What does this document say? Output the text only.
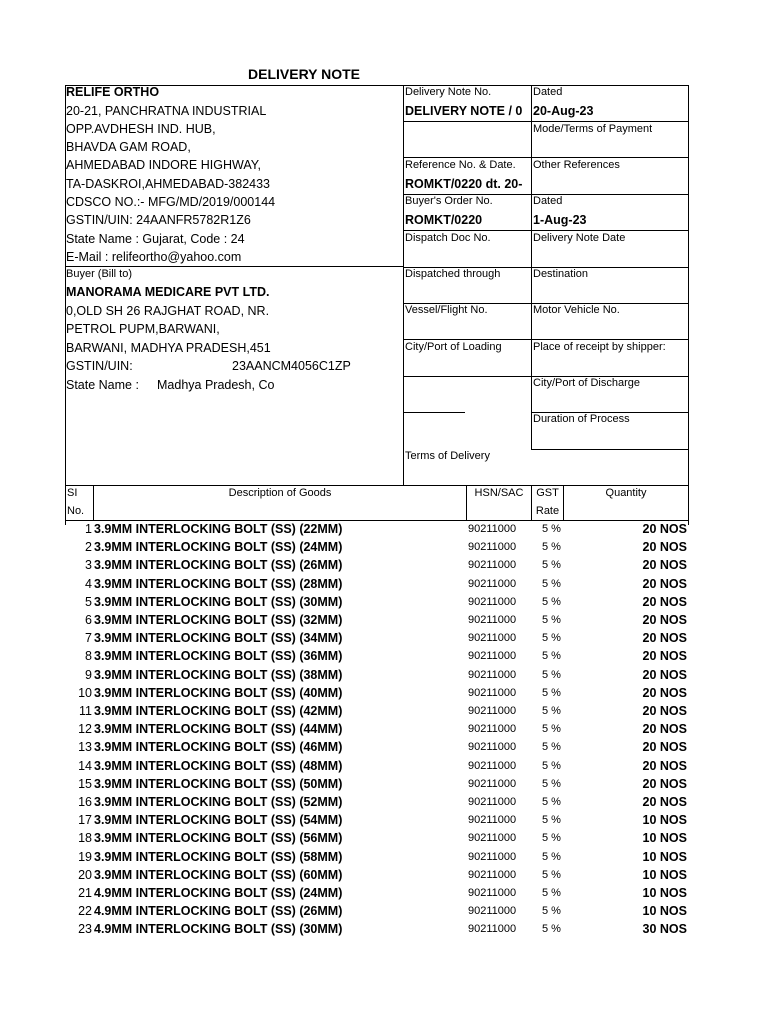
DELIVERY NOTE
RELIFE ORTHO
20-21, PANCHRATNA INDUSTRIAL
OPP.AVDHESH IND. HUB,
BHAVDA GAM ROAD,
AHMEDABAD INDORE HIGHWAY,
TA-DASKROI,AHMEDABAD-382433
CDSCO NO.:- MFG/MD/2019/000144
GSTIN/UIN: 24AANFR5782R1Z6
State Name : Gujarat, Code : 24
E-Mail : relifeortho@yahoo.com
Buyer (Bill to)
MANORAMA MEDICARE PVT LTD.
0,OLD SH 26 RAJGHAT ROAD, NR.
PETROL PUPM,BARWANI,
BARWANI, MADHYA PRADESH,451
GSTIN/UIN:	23AANCM4056C1ZP
State Name : Madhya Pradesh, Co
Delivery Note No.
DELIVERY NOTE / 0
Dated
20-Aug-23
Mode/Terms of Payment
Reference No. & Date.
ROMKT/0220 dt. 20-
Other References
Buyer's Order No.
ROMKT/0220
Dated
1-Aug-23
Dispatch Doc No.	Delivery Note Date
Dispatched through	Destination
Vessel/Flight No.	Motor Vehicle No.
City/Port of Loading	Place of receipt by shipper:
City/Port of Discharge
Duration of Process
Terms of Delivery
SI
No.
Description of Goods	HSN/SAC	GST
Rate
Quantity
1 3.9MM INTERLOCKING BOLT (SS) (22MM)	90211000 5 %	20 NOS
2 3.9MM INTERLOCKING BOLT (SS) (24MM)	90211000 5 %	20 NOS
3 3.9MM INTERLOCKING BOLT (SS) (26MM)	90211000 5 %	20 NOS
4 3.9MM INTERLOCKING BOLT (SS) (28MM)	90211000 5 %	20 NOS
5 3.9MM INTERLOCKING BOLT (SS) (30MM)	90211000 5 %	20 NOS
6 3.9MM INTERLOCKING BOLT (SS) (32MM)	90211000 5 %	20 NOS
7 3.9MM INTERLOCKING BOLT (SS) (34MM)	90211000 5 %	20 NOS
8 3.9MM INTERLOCKING BOLT (SS) (36MM)	90211000 5 %	20 NOS
9 3.9MM INTERLOCKING BOLT (SS) (38MM)	90211000 5 %	20 NOS
10 3.9MM INTERLOCKING BOLT (SS) (40MM)	90211000 5 %	20 NOS
11 3.9MM INTERLOCKING BOLT (SS) (42MM)	90211000 5 %	20 NOS
12 3.9MM INTERLOCKING BOLT (SS) (44MM)	90211000 5 %	20 NOS
13 3.9MM INTERLOCKING BOLT (SS) (46MM)	90211000 5 %	20 NOS
14 3.9MM INTERLOCKING BOLT (SS) (48MM)	90211000 5 %	20 NOS
15 3.9MM INTERLOCKING BOLT (SS) (50MM)	90211000 5 %	20 NOS
16 3.9MM INTERLOCKING BOLT (SS) (52MM)	90211000 5 %	20 NOS
17 3.9MM INTERLOCKING BOLT (SS) (54MM)	90211000 5 %	10 NOS
18 3.9MM INTERLOCKING BOLT (SS) (56MM)	90211000 5 %	10 NOS
19 3.9MM INTERLOCKING BOLT (SS) (58MM)	90211000 5 %	10 NOS
20 3.9MM INTERLOCKING BOLT (SS) (60MM)	90211000 5 %	10 NOS
21 4.9MM INTERLOCKING BOLT (SS) (24MM)	90211000 5 %	10 NOS
22 4.9MM INTERLOCKING BOLT (SS) (26MM)	90211000 5 %	10 NOS
23 4.9MM INTERLOCKING BOLT (SS) (30MM)	90211000 5 %	30 NOS
